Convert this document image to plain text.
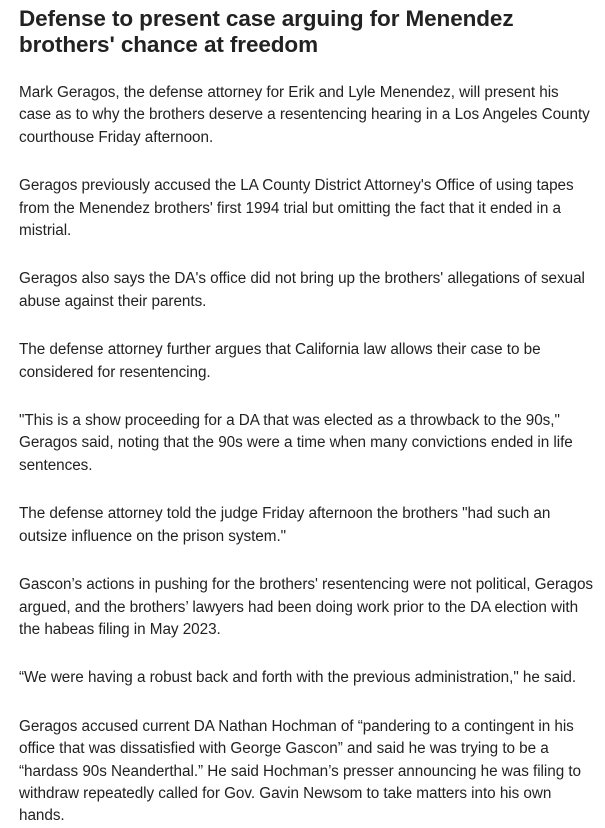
Defense to present case arguing for Menendez brothers' chance at freedom

Mark Geragos, the defense attorney for Erik and Lyle Menendez, will present his case as to why the brothers deserve a resentencing hearing in a Los Angeles County courthouse Friday afternoon.

Geragos previously accused the LA County District Attorney's Office of using tapes from the Menendez brothers' first 1994 trial but omitting the fact that it ended in a mistrial.

Geragos also says the DA's office did not bring up the brothers' allegations of sexual abuse against their parents.

The defense attorney further argues that California law allows their case to be considered for resentencing.

"This is a show proceeding for a DA that was elected as a throwback to the 90s," Geragos said, noting that the 90s were a time when many convictions ended in life sentences.

The defense attorney told the judge Friday afternoon the brothers "had such an outsize influence on the prison system."

Gascon’s actions in pushing for the brothers' resentencing were not political, Geragos argued, and the brothers’ lawyers had been doing work prior to the DA election with the habeas filing in May 2023.

“We were having a robust back and forth with the previous administration," he said.

Geragos accused current DA Nathan Hochman of “pandering to a contingent in his office that was dissatisfied with George Gascon” and said he was trying to be a “hardass 90s Neanderthal.” He said Hochman’s presser announcing he was filing to withdraw repeatedly called for Gov. Gavin Newsom to take matters into his own hands.
